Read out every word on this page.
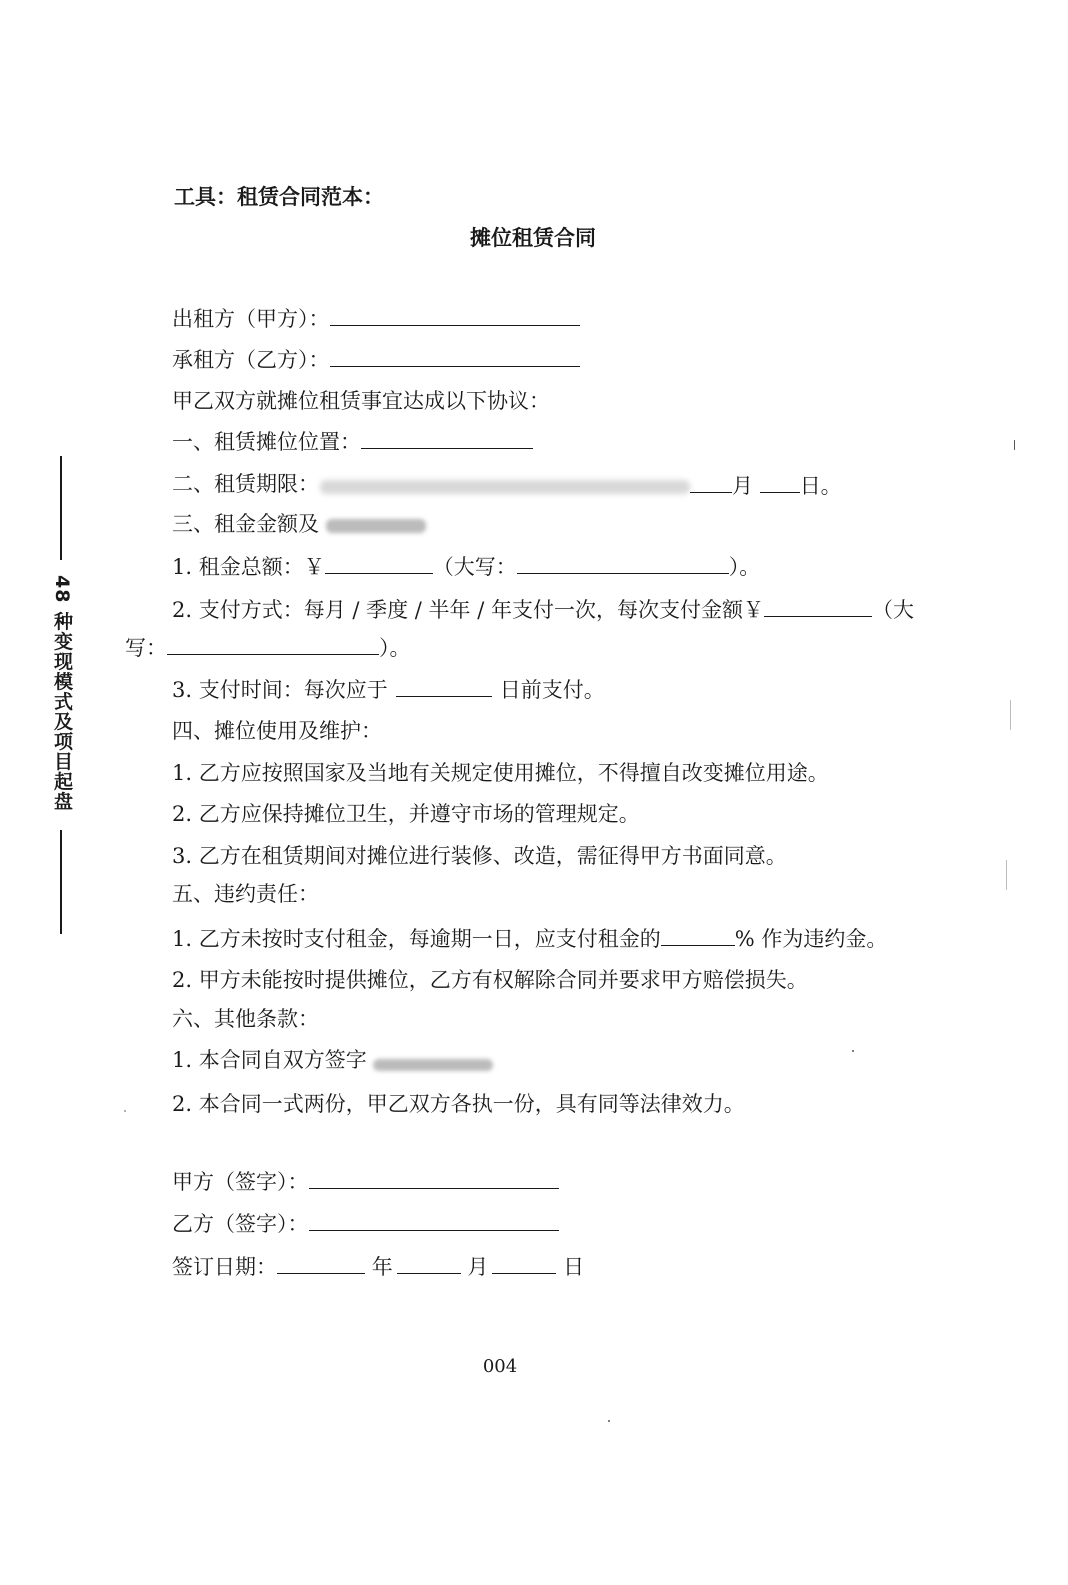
48 种变现模式及项目起盘
工具：租赁合同范本：
摊位租赁合同
出租方（甲方）：
承租方（乙方）：
甲乙双方就摊位租赁事宜达成以下协议：
一、租赁摊位位置：
二、租赁期限：	月 日。
三、租金金额及
1. 租金总额：￥	（大写：	）。
2. 支付方式：每月 / 季度 / 半年 / 年支付一次，每次支付金额￥	（大
写：	）。
3. 支付时间：每次应于	日前支付。
四、摊位使用及维护：
1. 乙方应按照国家及当地有关规定使用摊位，不得擅自改变摊位用途。
2. 乙方应保持摊位卫生，并遵守市场的管理规定。
3. 乙方在租赁期间对摊位进行装修、改造，需征得甲方书面同意。
五、违约责任：
1. 乙方未按时支付租金，每逾期一日，应支付租金的	% 作为违约金。
2. 甲方未能按时提供摊位，乙方有权解除合同并要求甲方赔偿损失。
六、其他条款：
1. 本合同自双方签字
2. 本合同一式两份，甲乙双方各执一份，具有同等法律效力。
甲方（签字）：
乙方（签字）：
签订日期：	年	月	日
004
